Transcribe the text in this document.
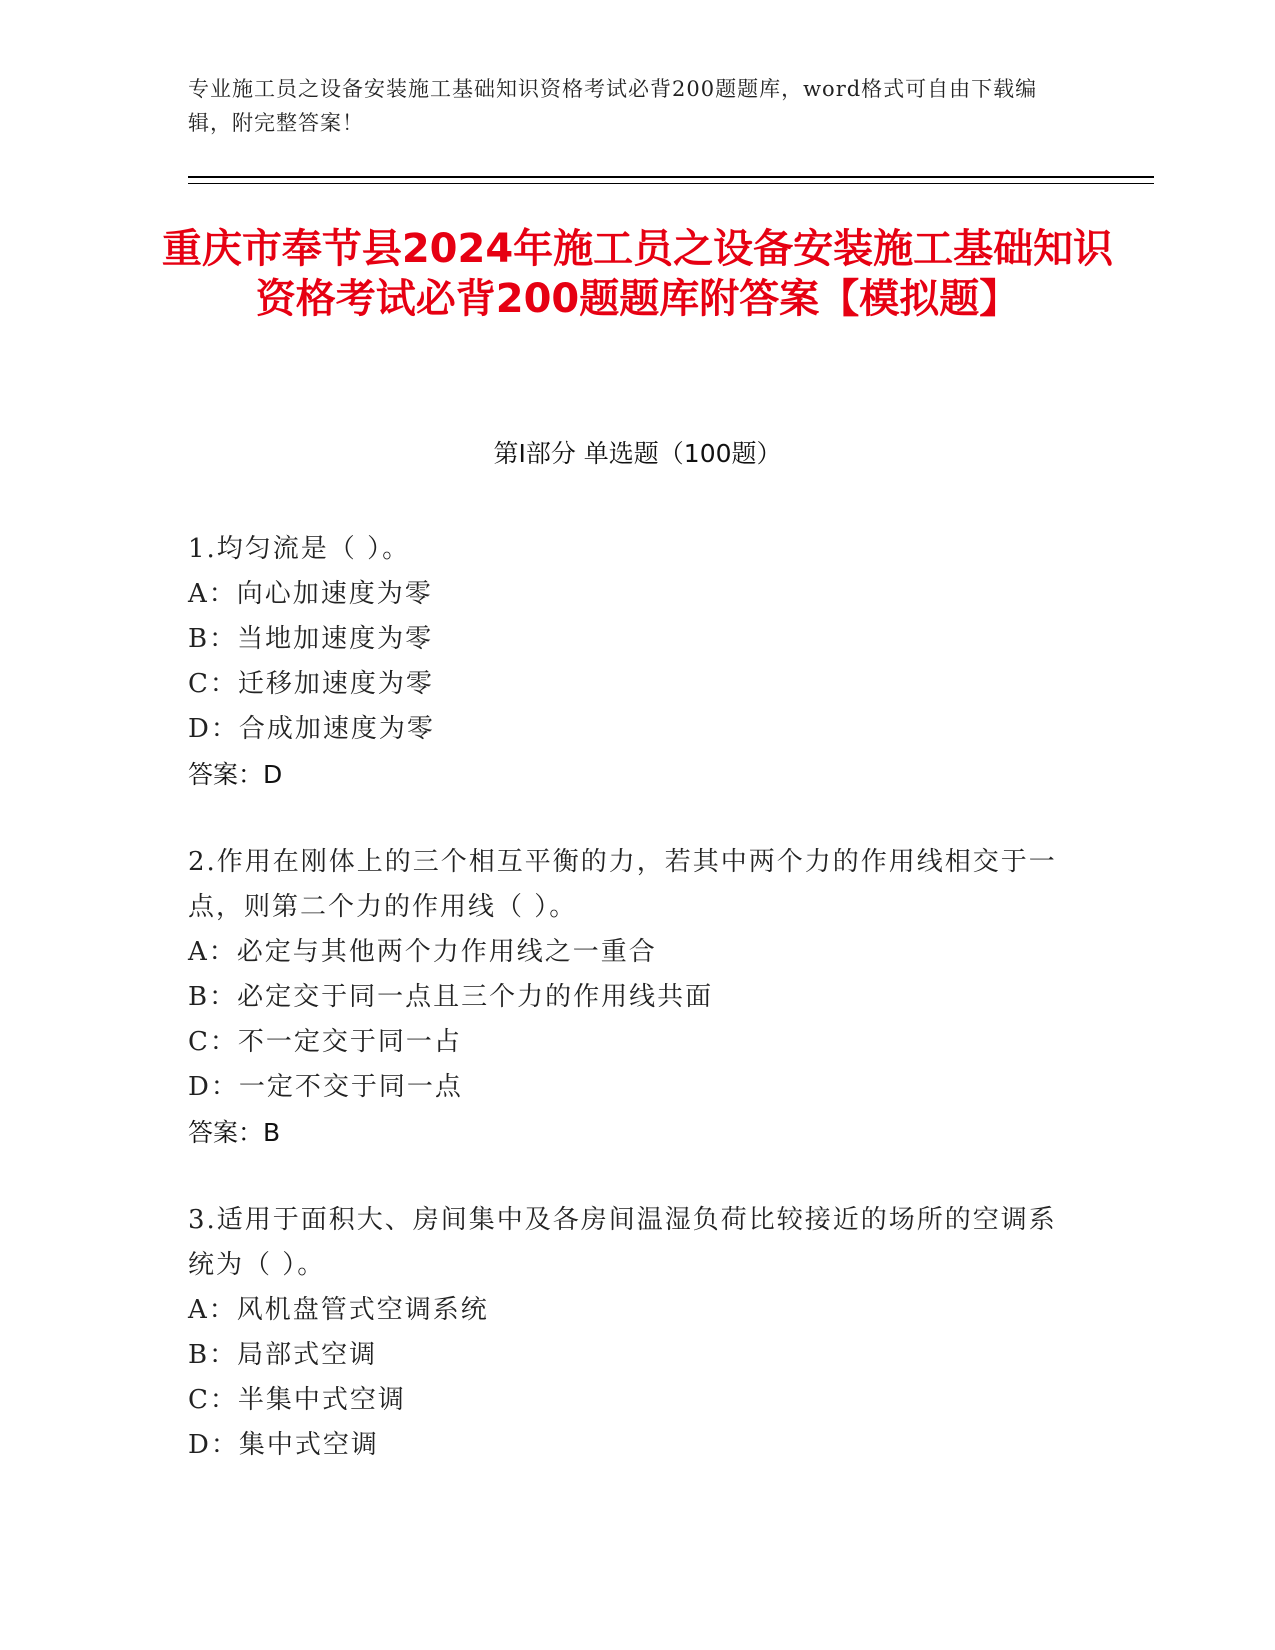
专业施工员之设备安装施工基础知识资格考试必背200题题库，word格式可自由下载编辑，附完整答案！
重庆市奉节县2024年施工员之设备安装施工基础知识资格考试必背200题题库附答案【模拟题】
第Ⅰ部分 单选题（100题）
1.均匀流是（ ）。
A：向心加速度为零
B：当地加速度为零
C：迁移加速度为零
D：合成加速度为零
答案：D
2.作用在刚体上的三个相互平衡的力，若其中两个力的作用线相交于一点，则第二个力的作用线（ ）。
A：必定与其他两个力作用线之一重合
B：必定交于同一点且三个力的作用线共面
C：不一定交于同一占
D：一定不交于同一点
答案：B
3.适用于面积大、房间集中及各房间温湿负荷比较接近的场所的空调系统为（ ）。
A：风机盘管式空调系统
B：局部式空调
C：半集中式空调
D：集中式空调
